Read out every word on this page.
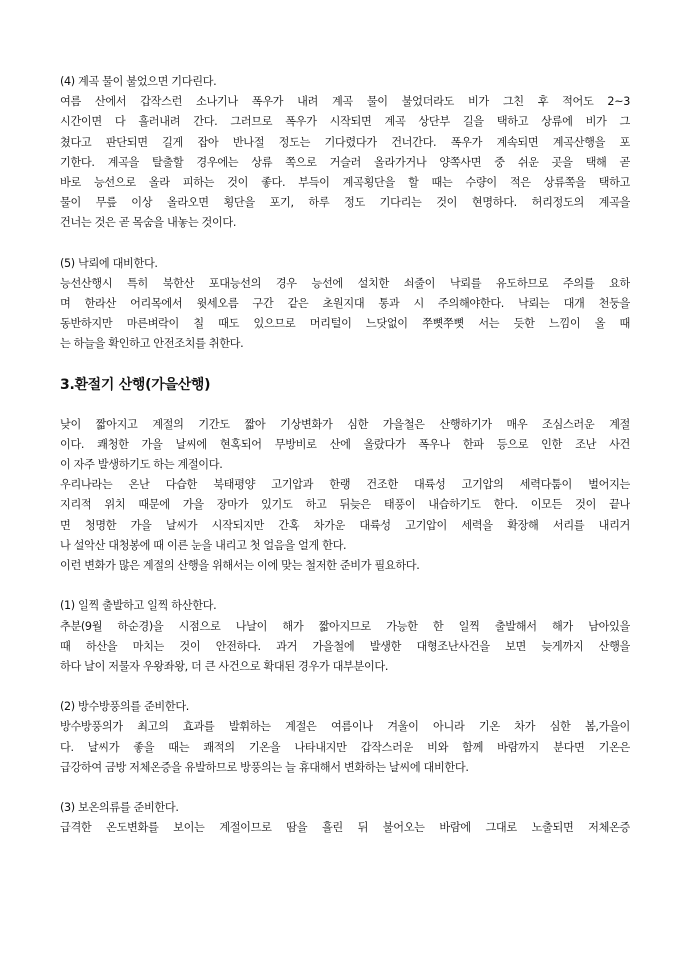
(4) 계곡 물이 불었으면 기다린다.
여름 산에서 갑작스런 소나기나 폭우가 내려 계곡 물이 불었더라도 비가 그친 후 적어도 2~3
시간이면 다 흘러내려 간다. 그러므로 폭우가 시작되면 계곡 상단부 길을 택하고 상류에 비가 그
쳤다고 판단되면 길게 잡아 반나절 정도는 기다렸다가 건너간다. 폭우가 계속되면 계곡산행을 포
기한다. 계곡을 탈출할 경우에는 상류 쪽으로 거슬러 올라가거나 양쪽사면 중 쉬운 곳을 택해 곧
바로 능선으로 올라 피하는 것이 좋다. 부득이 계곡횡단을 할 때는 수량이 적은 상류쪽을 택하고
물이 무릎 이상 올라오면 횡단을 포기, 하루 정도 기다리는 것이 현명하다. 허리정도의 계곡을
건너는 것은 곧 목숨을 내놓는 것이다.
(5) 낙뢰에 대비한다.
능선산행시 특히 북한산 포대능선의 경우 능선에 설치한 쇠줄이 낙뢰를 유도하므로 주의를 요하
며 한라산 어리목에서 윗세오름 구간 같은 초원지대 통과 시 주의해야한다. 낙뢰는 대개 천둥을
동반하지만 마른벼락이 칠 때도 있으므로 머리털이 느닷없이 쭈뼛쭈뼛 서는 듯한 느낌이 올 때
는 하늘을 확인하고 안전조치를 취한다.
3.환절기 산행(가을산행)
낮이 짧아지고 계절의 기간도 짧아 기상변화가 심한 가을철은 산행하기가 매우 조심스러운 계절
이다. 쾌청한 가을 날씨에 현혹되어 무방비로 산에 올랐다가 폭우나 한파 등으로 인한 조난 사건
이 자주 발생하기도 하는 계절이다.
우리나라는 온난 다습한 북태평양 고기압과 한랭 건조한 대륙성 고기압의 세력다툼이 벌어지는
지리적 위치 때문에 가을 장마가 있기도 하고 뒤늦은 태풍이 내습하기도 한다. 이모든 것이 끝나
면 청명한 가을 날씨가 시작되지만 간혹 차가운 대륙성 고기압이 세력을 확장해 서리를 내리거
나 설악산 대청봉에 때 이른 눈을 내리고 첫 얼음을 얼게 한다.
이런 변화가 많은 계절의 산행을 위해서는 이에 맞는 철저한 준비가 필요하다.
(1) 일찍 출발하고 일찍 하산한다.
추분(9월 하순경)을 시점으로 나날이 해가 짧아지므로 가능한 한 일찍 출발해서 해가 남아있을
때 하산을 마치는 것이 안전하다. 과거 가을철에 발생한 대형조난사건을 보면 늦게까지 산행을
하다 날이 저물자 우왕좌왕, 더 큰 사건으로 확대된 경우가 대부분이다.
(2) 방수방풍의를 준비한다.
방수방풍의가 최고의 효과를 발휘하는 계절은 여름이나 겨울이 아니라 기온 차가 심한 봄,가을이
다. 날씨가 좋을 때는 쾌적의 기온을 나타내지만 갑작스러운 비와 함께 바람까지 분다면 기온은
급강하여 금방 저체온증을 유발하므로 방풍의는 늘 휴대해서 변화하는 날씨에 대비한다.
(3) 보온의류를 준비한다.
급격한 온도변화를 보이는 계절이므로 땀을 흘린 뒤 불어오는 바람에 그대로 노출되면 저체온증
